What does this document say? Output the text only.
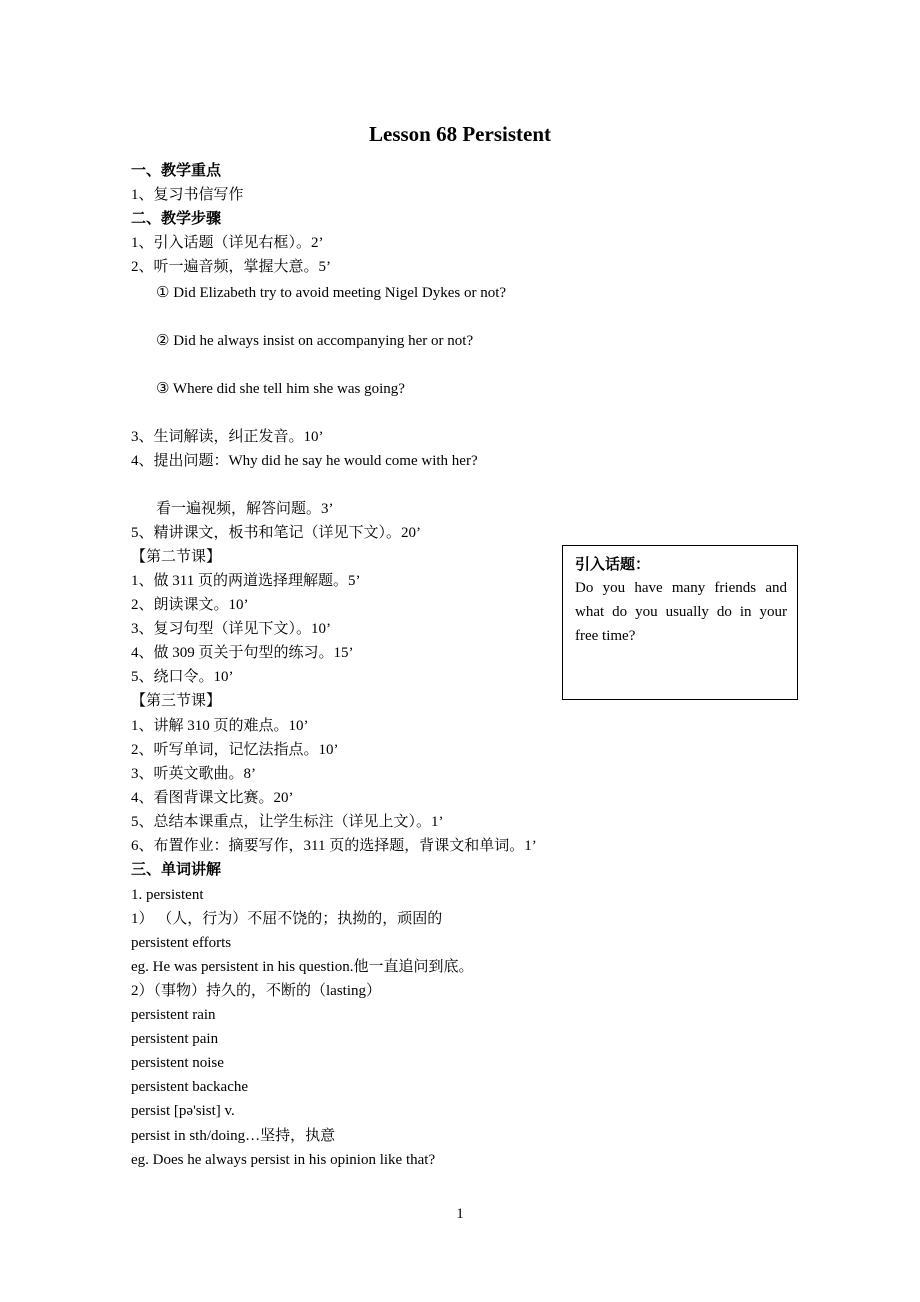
Lesson 68 Persistent
一、教学重点
1、复习书信写作
二、教学步骤
1、引入话题（详见右框）。2’
2、听一遍音频，掌握大意。5’
① Did Elizabeth try to avoid meeting Nigel Dykes or not?
② Did he always insist on accompanying her or not?
③ Where did she tell him she was going?
3、生词解读，纠正发音。10’
4、提出问题：Why did he say he would come with her?
看一遍视频，解答问题。3’
5、精讲课文，板书和笔记（详见下文）。20’
【第二节课】
1、做 311 页的两道选择理解题。5’
2、朗读课文。10’
3、复习句型（详见下文）。10’
4、做 309 页关于句型的练习。15’
5、绕口令。10’
【第三节课】
1、讲解 310 页的难点。10’
2、听写单词，记忆法指点。10’
3、听英文歌曲。8’
4、看图背课文比赛。20’
5、总结本课重点，让学生标注（详见上文）。1’
6、布置作业：摘要写作，311 页的选择题，背课文和单词。1’
三、单词讲解
1. persistent
1） （人，行为）不屈不饶的；执拗的，顽固的
persistent efforts
eg. He was persistent in his question.他一直追问到底。
2）（事物）持久的，不断的（lasting）
persistent rain
persistent pain
persistent noise
persistent backache
persist [pə'sist] v.
persist in sth/doing…坚持，执意
eg. Does he always persist in his opinion like that?
引入话题：
Do you have many friends and what do you usually do in your free time?
1
